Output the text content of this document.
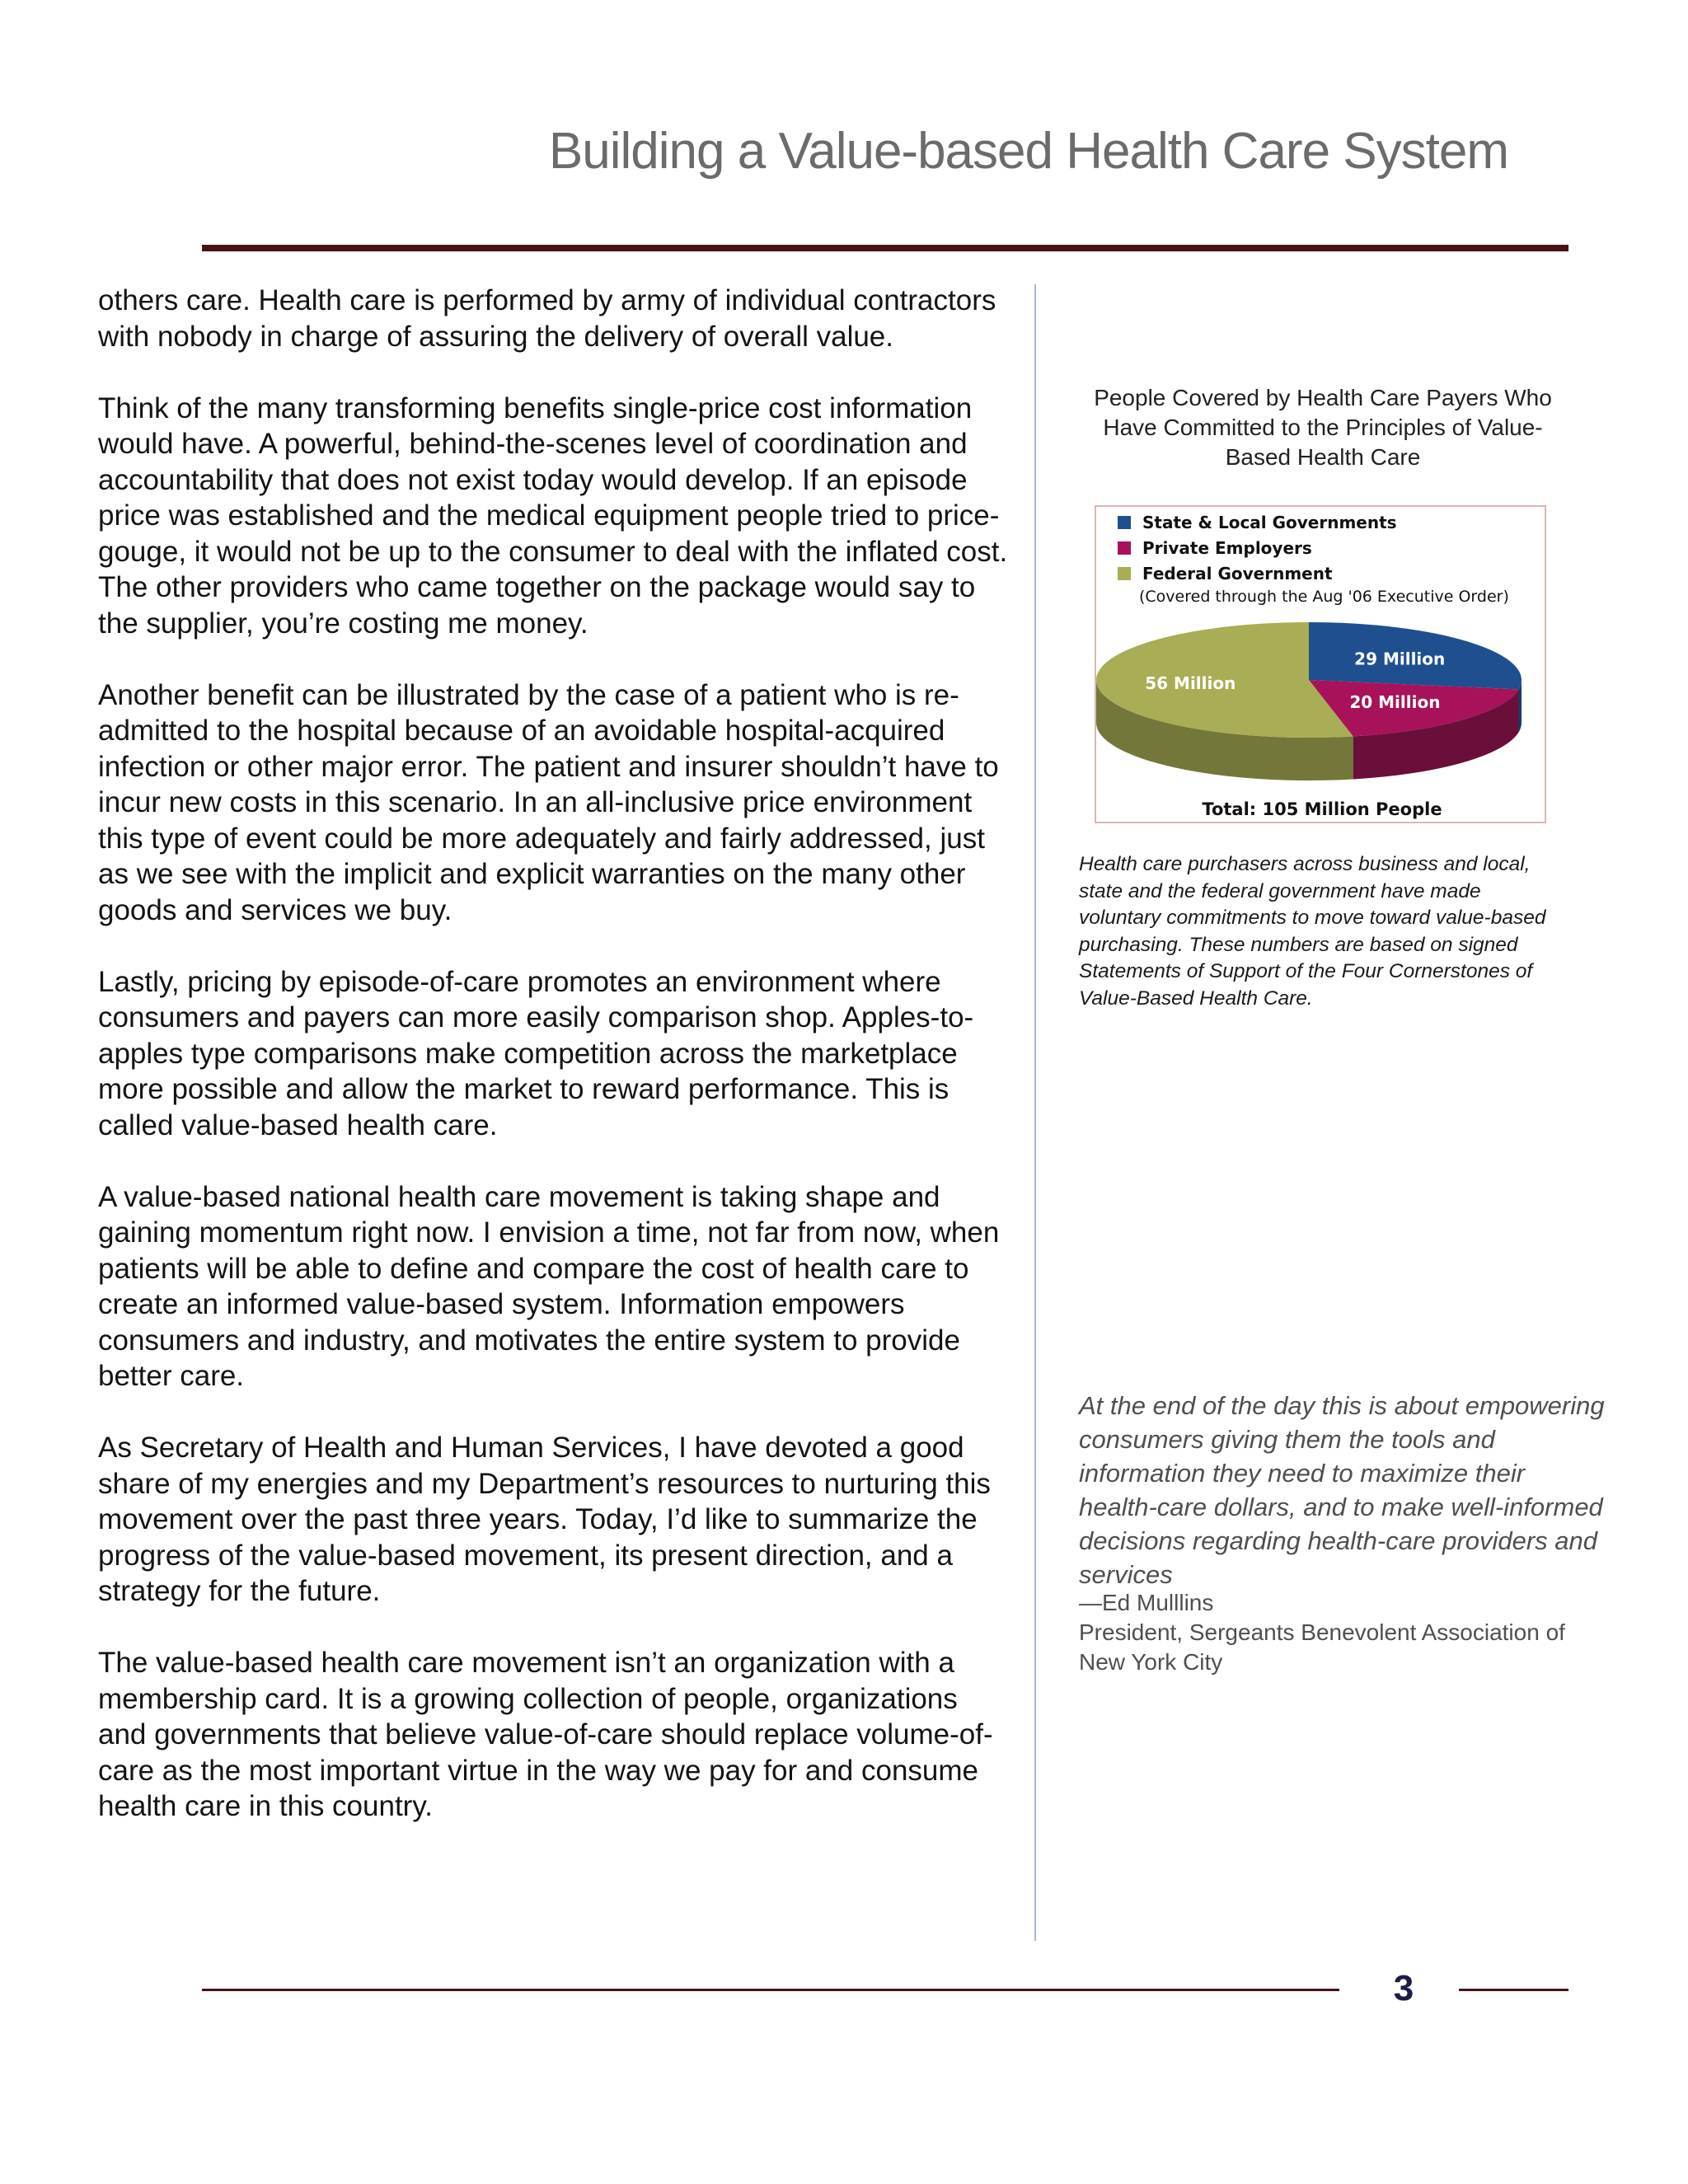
Building a Value-based Health Care System

others care. Health care is performed by army of individual contractors with nobody in charge of assuring the delivery of overall value.

Think of the many transforming benefits single-price cost information would have. A powerful, behind-the-scenes level of coordination and accountability that does not exist today would develop. If an episode price was established and the medical equipment people tried to price-gouge, it would not be up to the consumer to deal with the inflated cost. The other providers who came together on the package would say to the supplier, you’re costing me money.

Another benefit can be illustrated by the case of a patient who is re-admitted to the hospital because of an avoidable hospital-acquired infection or other major error. The patient and insurer shouldn’t have to incur new costs in this scenario. In an all-inclusive price environment this type of event could be more adequately and fairly addressed, just as we see with the implicit and explicit warranties on the many other goods and services we buy.

Lastly, pricing by episode-of-care promotes an environment where consumers and payers can more easily comparison shop. Apples-to-apples type comparisons make competition across the marketplace more possible and allow the market to reward performance. This is called value-based health care.

A value-based national health care movement is taking shape and gaining momentum right now. I envision a time, not far from now, when patients will be able to define and compare the cost of health care to create an informed value-based system. Information empowers consumers and industry, and motivates the entire system to provide better care.

As Secretary of Health and Human Services, I have devoted a good share of my energies and my Department’s resources to nurturing this movement over the past three years. Today, I’d like to summarize the progress of the value-based movement, its present direction, and a strategy for the future.

The value-based health care movement isn’t an organization with a membership card. It is a growing collection of people, organizations and governments that believe value-of-care should replace volume-of-care as the most important virtue in the way we pay for and consume health care in this country.

People Covered by Health Care Payers Who Have Committed to the Principles of Value-Based Health Care
State & Local Governments
Private Employers
Federal Government
(Covered through the Aug '06 Executive Order)
29 Million
20 Million
56 Million
Total: 105 Million People
Health care purchasers across business and local, state and the federal government have made voluntary commitments to move toward value-based purchasing. These numbers are based on signed Statements of Support of the Four Cornerstones of Value-Based Health Care.
At the end of the day this is about empowering consumers giving them the tools and information they need to maximize their health-care dollars, and to make well-informed decisions regarding health-care providers and services
—Ed Mulllins
President, Sergeants Benevolent Association of New York City
3
